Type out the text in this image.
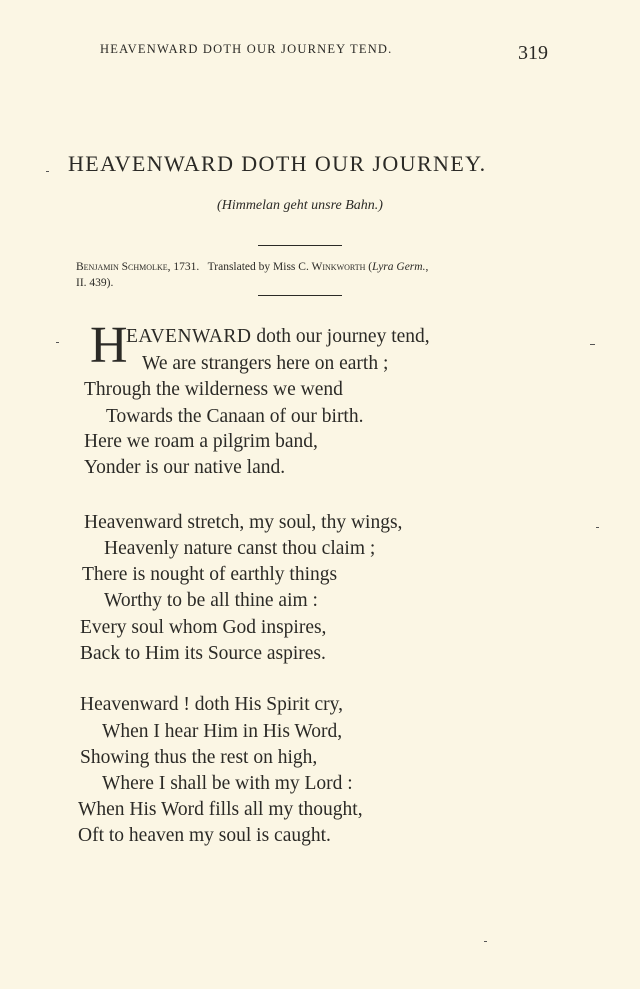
HEAVENWARD DOTH OUR JOURNEY TEND.	319
HEAVENWARD DOTH OUR JOURNEY.
(Himmelan geht unsre Bahn.)
Benjamin Schmolke, 1731. Translated by Miss C. Winkworth (Lyra Germ.,
II. 439).
H
EAVENWARD doth our journey tend,
We are strangers here on earth ;
Through the wilderness we wend
Towards the Canaan of our birth.
Here we roam a pilgrim band,
Yonder is our native land.
Heavenward stretch, my soul, thy wings,
Heavenly nature canst thou claim ;
There is nought of earthly things
Worthy to be all thine aim :
Every soul whom God inspires,
Back to Him its Source aspires.
Heavenward ! doth His Spirit cry,
When I hear Him in His Word,
Showing thus the rest on high,
Where I shall be with my Lord :
When His Word fills all my thought,
Oft to heaven my soul is caught.
